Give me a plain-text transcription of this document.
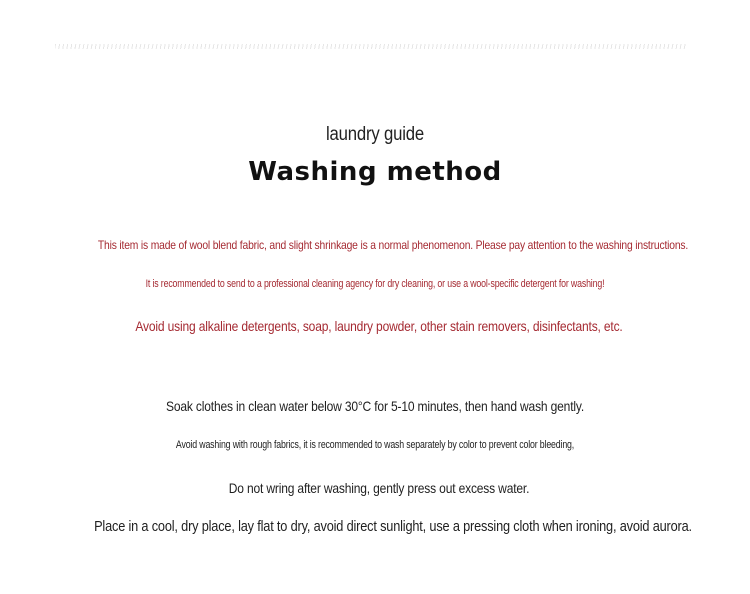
laundry guide
Washing method
This item is made of wool blend fabric, and slight shrinkage is a normal phenomenon. Please pay attention to the washing instructions.
It is recommended to send to a professional cleaning agency for dry cleaning, or use a wool-specific detergent for washing!
Avoid using alkaline detergents, soap, laundry powder, other stain removers, disinfectants, etc.
Soak clothes in clean water below 30°C for 5-10 minutes, then hand wash gently.
Avoid washing with rough fabrics, it is recommended to wash separately by color to prevent color bleeding,
Do not wring after washing, gently press out excess water.
Place in a cool, dry place, lay flat to dry, avoid direct sunlight, use a pressing cloth when ironing, avoid aurora.
